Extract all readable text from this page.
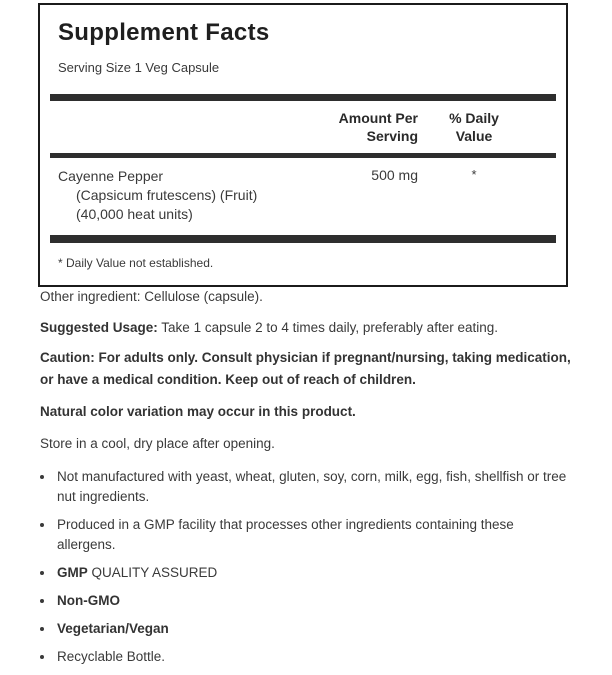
Supplement Facts
Serving Size 1 Veg Capsule
Amount Per
Serving
% Daily
Value
Cayenne Pepper
(Capsicum frutescens) (Fruit)
(40,000 heat units)
500 mg	*
* Daily Value not established.

Other ingredient: Cellulose (capsule).

Suggested Usage: Take 1 capsule 2 to 4 times daily, preferably after eating.

Caution: For adults only. Consult physician if pregnant/nursing, taking medication, or have a medical condition. Keep out of reach of children.

Natural color variation may occur in this product.

Store in a cool, dry place after opening.

• Not manufactured with yeast, wheat, gluten, soy, corn, milk, egg, fish, shellfish or tree nut ingredients.
• Produced in a GMP facility that processes other ingredients containing these allergens.
• GMP QUALITY ASSURED
• Non-GMO
• Vegetarian/Vegan
• Recyclable Bottle.
